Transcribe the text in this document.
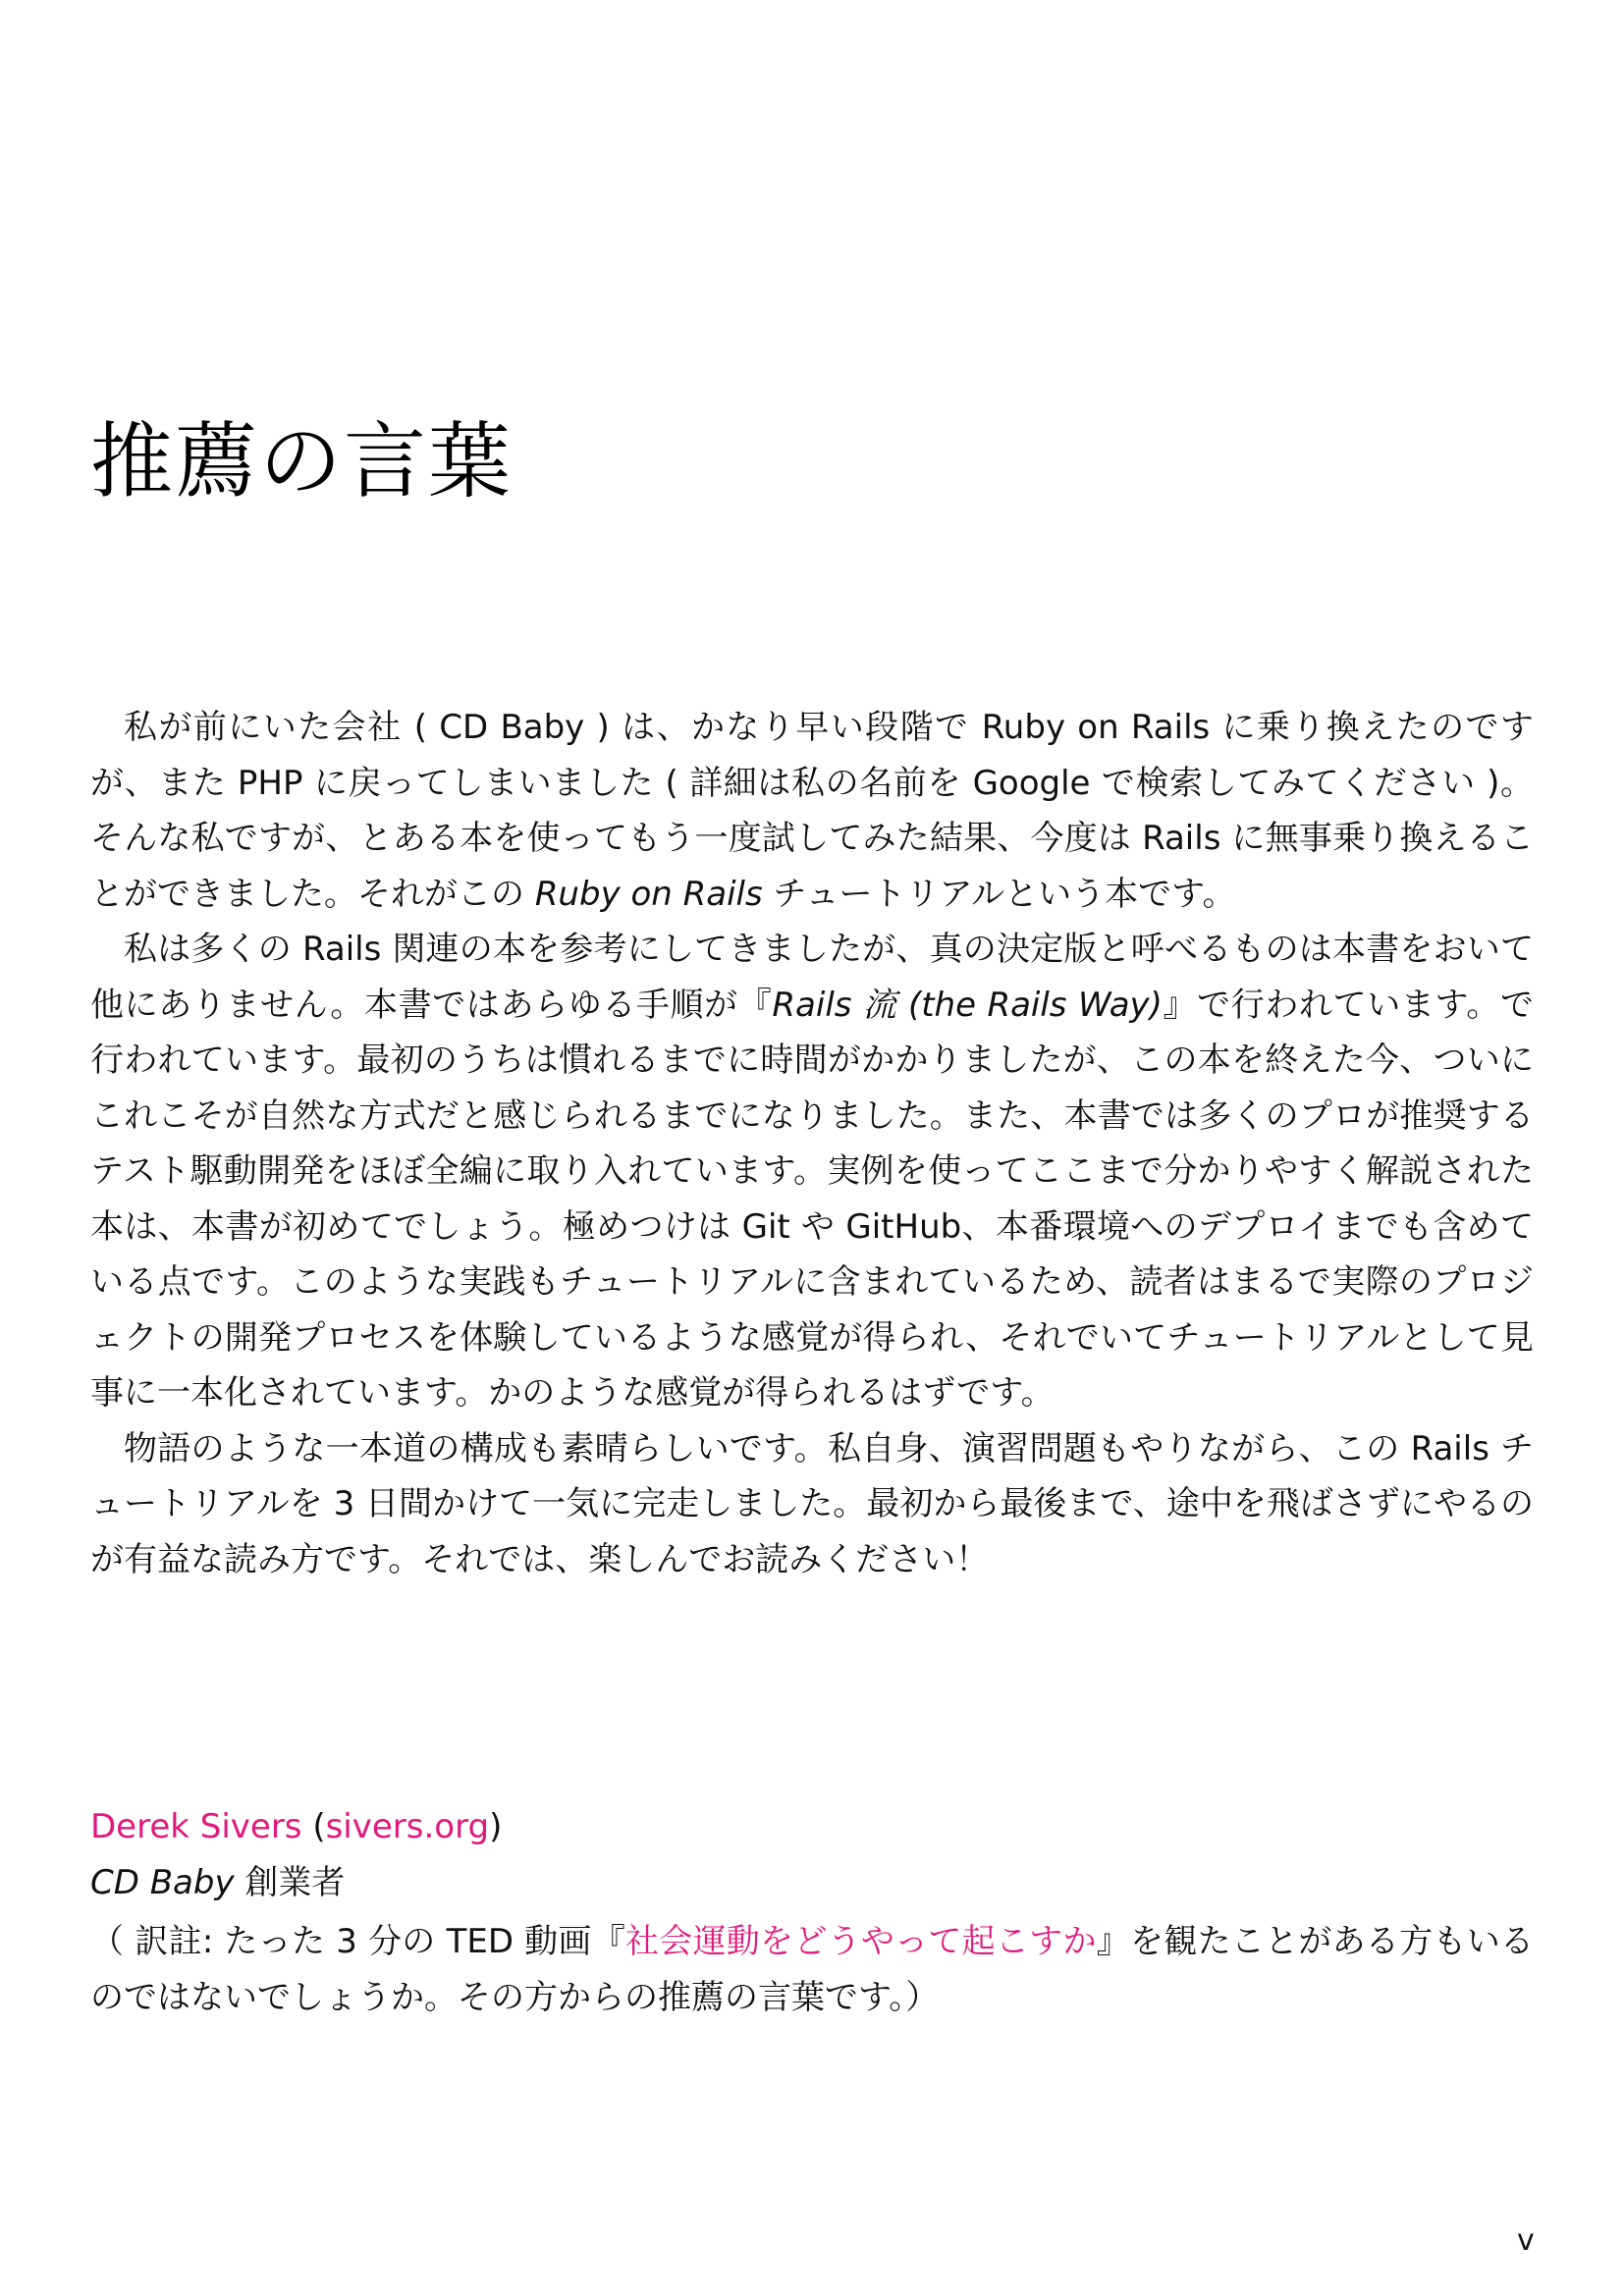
推薦の言葉

私が前にいた会社 ( CD Baby ) は、かなり早い段階で Ruby on Rails に乗り換えたのですが、また PHP に戻ってしまいました ( 詳細は私の名前を Google で検索してみてください )。そんな私ですが、とある本を使ってもう一度試してみた結果、今度は Rails に無事乗り換えることができました。それがこの Ruby on Rails チュートリアルという本です。

私は多くの Rails 関連の本を参考にしてきましたが、真の決定版と呼べるものは本書をおいて他にありません。本書ではあらゆる手順が『Rails 流 (the Rails Way)』で行われています。で行われています。最初のうちは慣れるまでに時間がかかりましたが、この本を終えた今、ついにこれこそが自然な方式だと感じられるまでになりました。また、本書では多くのプロが推奨するテスト駆動開発をほぼ全編に取り入れています。実例を使ってここまで分かりやすく解説された本は、本書が初めてでしょう。極めつけは Git や GitHub、本番環境へのデプロイまでも含めている点です。このような実践もチュートリアルに含まれているため、読者はまるで実際のプロジェクトの開発プロセスを体験しているような感覚が得られ、それでいてチュートリアルとして見事に一本化されています。かのような感覚が得られるはずです。

物語のような一本道の構成も素晴らしいです。私自身、演習問題もやりながら、この Rails チュートリアルを 3 日間かけて一気に完走しました。最初から最後まで、途中を飛ばさずにやるのが有益な読み方です。それでは、楽しんでお読みください！

Derek Sivers (sivers.org)

CD Baby 創業者

（ 訳註: たった 3 分の TED 動画『社会運動をどうやって起こすか』を観たことがある方もいるのではないでしょうか。その方からの推薦の言葉です。）
v
